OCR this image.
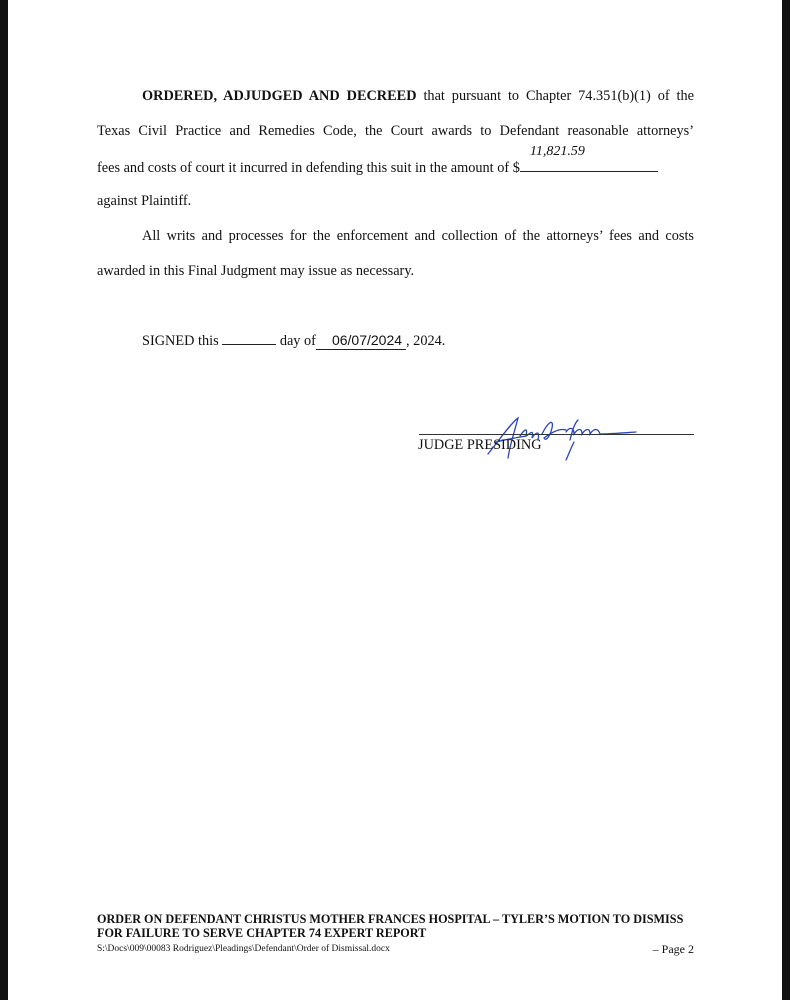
ORDERED, ADJUDGED AND DECREED that pursuant to Chapter 74.351(b)(1) of the
Texas Civil Practice and Remedies Code, the Court awards to Defendant reasonable attorneys’
fees and costs of court it incurred in defending this suit in the amount of $
11,821.59
against Plaintiff.
All writs and processes for the enforcement and collection of the attorneys’ fees and costs
awarded in this Final Judgment may issue as necessary.
SIGNED this	day of 06/07/2024 , 2024.
JUDGE PRESIDING
ORDER ON DEFENDANT CHRISTUS MOTHER FRANCES HOSPITAL – TYLER’S MOTION TO DISMISS FOR FAILURE TO SERVE CHAPTER 74 EXPERT REPORT
S:\Docs\009\00083 Rodriguez\Pleadings\Defendant\Order of Dismissal.docx	– Page 2
